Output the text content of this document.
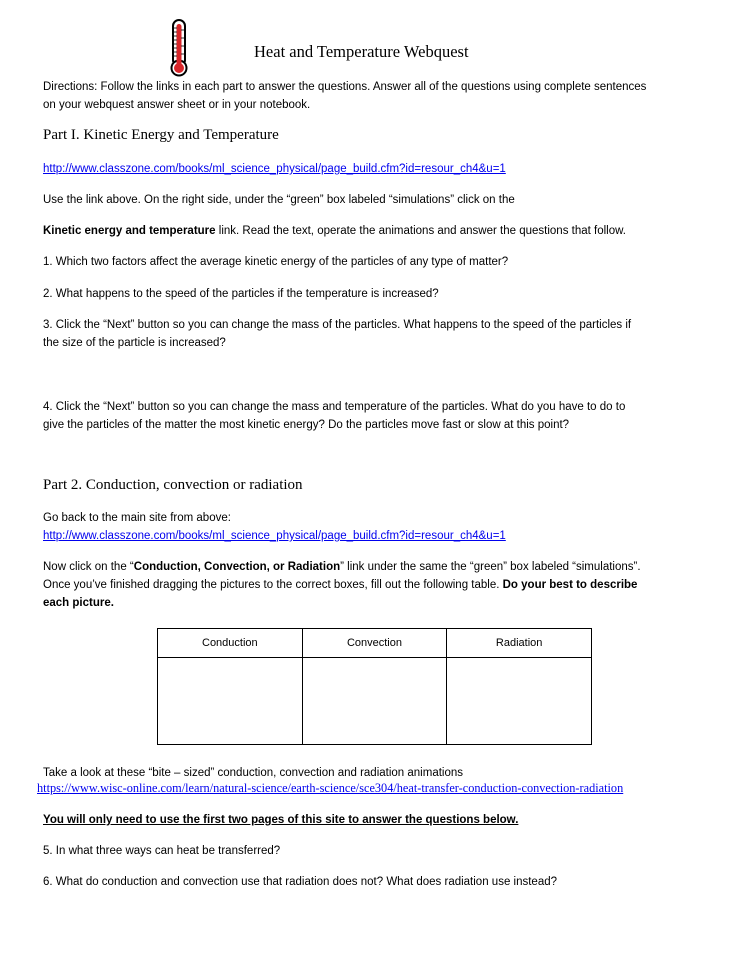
Heat and Temperature Webquest
Directions: Follow the links in each part to answer the questions. Answer all of the questions using complete sentences
on your webquest answer sheet or in your notebook.
Part I. Kinetic Energy and Temperature
http://www.classzone.com/books/ml_science_physical/page_build.cfm?id=resour_ch4&u=1
Use the link above. On the right side, under the “green” box labeled “simulations” click on the
Kinetic energy and temperature link. Read the text, operate the animations and answer the questions that follow.
1. Which two factors affect the average kinetic energy of the particles of any type of matter?
2. What happens to the speed of the particles if the temperature is increased?
3. Click the “Next” button so you can change the mass of the particles. What happens to the speed of the particles if
the size of the particle is increased?
4. Click the “Next” button so you can change the mass and temperature of the particles. What do you have to do to
give the particles of the matter the most kinetic energy? Do the particles move fast or slow at this point?
Part 2. Conduction, convection or radiation
Go back to the main site from above:
http://www.classzone.com/books/ml_science_physical/page_build.cfm?id=resour_ch4&u=1
Now click on the “Conduction, Convection, or Radiation” link under the same the “green” box labeled “simulations”.
Once you’ve finished dragging the pictures to the correct boxes, fill out the following table. Do your best to describe
each picture.
Conduction	Convection	Radiation

Take a look at these “bite – sized” conduction, convection and radiation animations
https://www.wisc-online.com/learn/natural-science/earth-science/sce304/heat-transfer-conduction-convection-radiation
You will only need to use the first two pages of this site to answer the questions below.
5. In what three ways can heat be transferred?
6. What do conduction and convection use that radiation does not? What does radiation use instead?
